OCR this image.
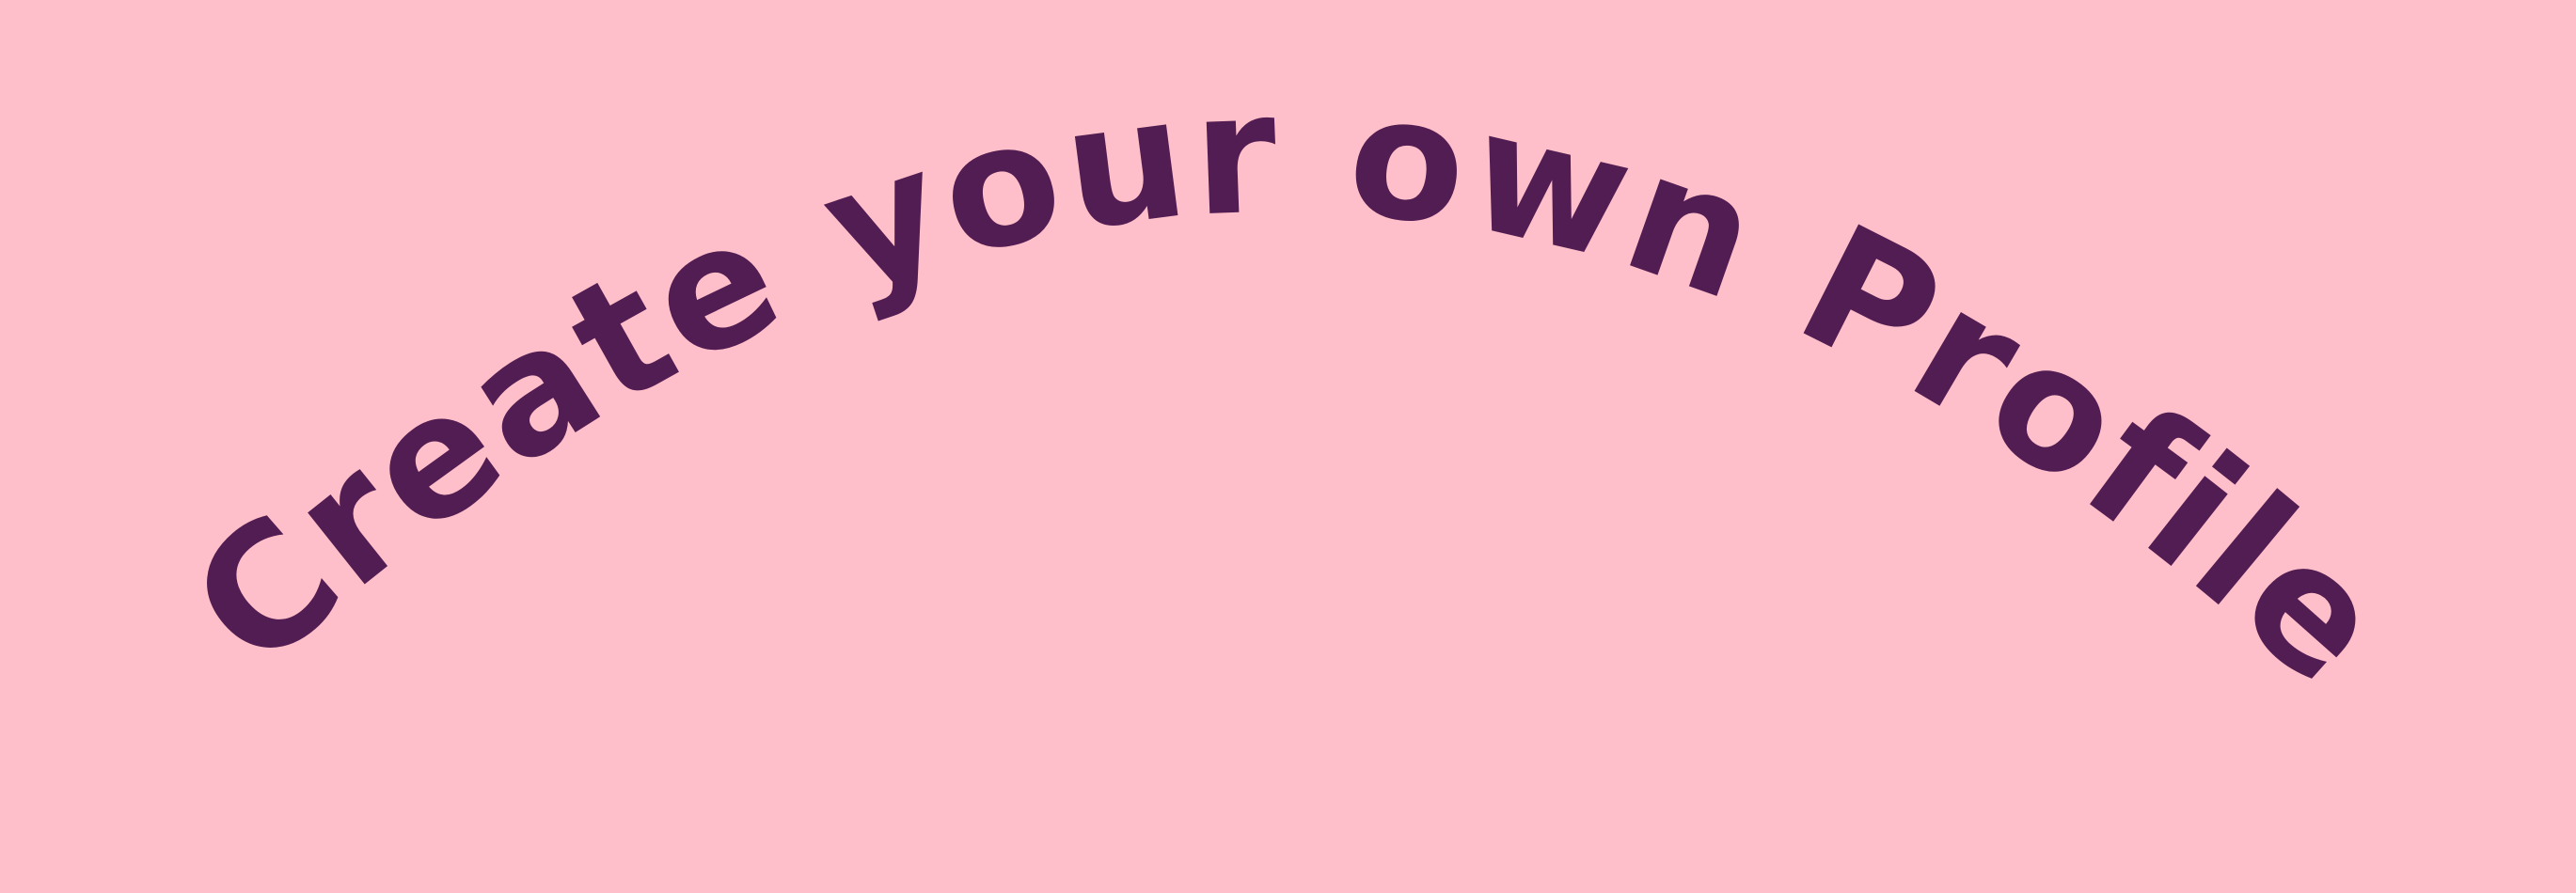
Create your own Profile
